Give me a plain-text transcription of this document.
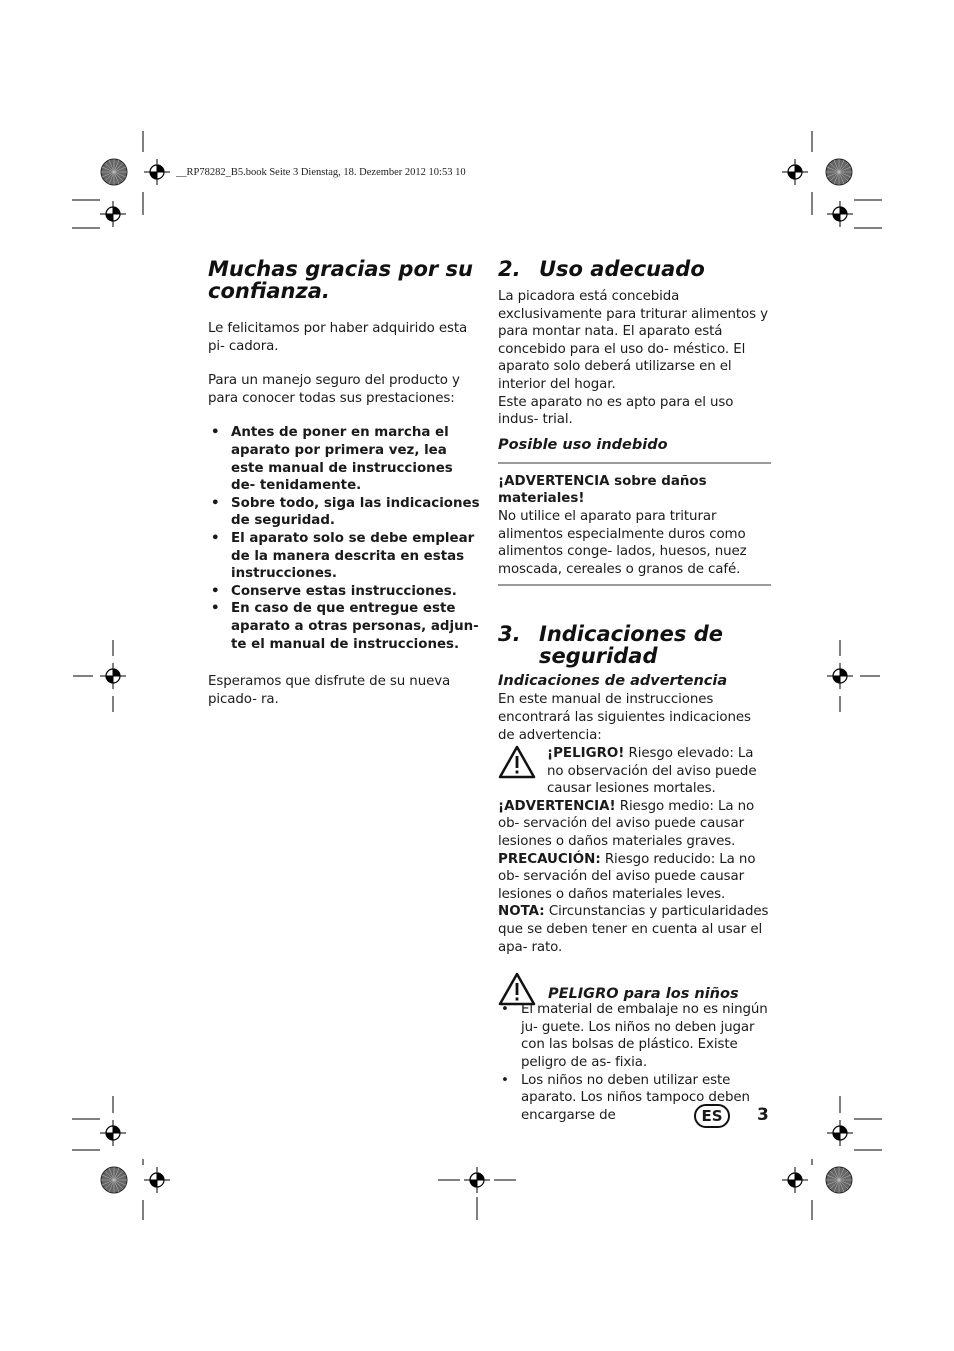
__RP78282_B5.book Seite 3 Dienstag, 18. Dezember 2012 10:53 10
Muchas gracias por su confianza.

Le felicitamos por haber adquirido esta pi- cadora.

Para un manejo seguro del producto y para conocer todas sus prestaciones:

• Antes de poner en marcha el aparato por primera vez, lea este manual de instrucciones de- tenidamente.
• Sobre todo, siga las indicaciones de seguridad.
• El aparato solo se debe emplear de la manera descrita en estas instrucciones.
• Conserve estas instrucciones.
• En caso de que entregue este aparato a otras personas, adjun- te el manual de instrucciones.

Esperamos que disfrute de su nueva picado- ra.

2. Uso adecuado

La picadora está concebida exclusivamente para triturar alimentos y para montar nata. El aparato está concebido para el uso do- méstico. El aparato solo deberá utilizarse en el interior del hogar.

Este aparato no es apto para el uso indus- trial.

Posible uso indebido

¡ADVERTENCIA sobre daños materiales!

No utilice el aparato para triturar alimentos especialmente duros como alimentos conge- lados, huesos, nuez moscada, cereales o granos de café.

3. Indicaciones de
seguridad

Indicaciones de advertencia

En este manual de instrucciones encontrará las siguientes indicaciones de advertencia:

¡PELIGRO! Riesgo elevado: La no observación del aviso puede causar lesiones mortales.

¡ADVERTENCIA! Riesgo medio: La no ob- servación del aviso puede causar lesiones o daños materiales graves.

PRECAUCIÓN: Riesgo reducido: La no ob- servación del aviso puede causar lesiones o daños materiales leves.

NOTA: Circunstancias y particularidades que se deben tener en cuenta al usar el apa- rato.

PELIGRO para los niños

• El material de embalaje no es ningún ju- guete. Los niños no deben jugar con las bolsas de plástico. Existe peligro de as- fixia.
• Los niños no deben utilizar este aparato. Los niños tampoco deben encargarse de	ES	3
